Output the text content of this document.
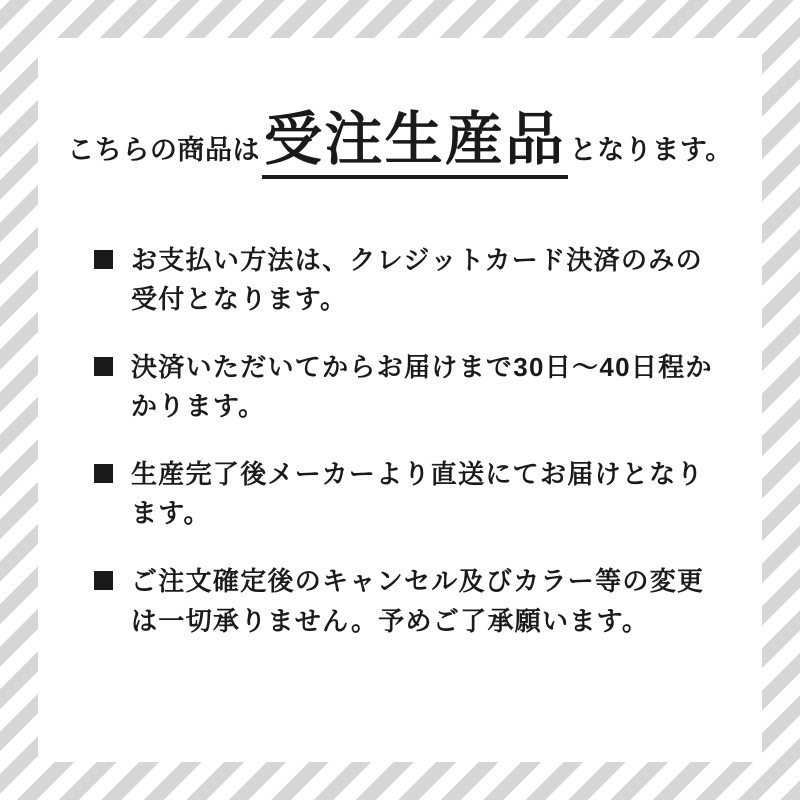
こちらの商品は 受注生産品 となります。
お支払い方法は、クレジットカード決済のみの受付となります。
決済いただいてからお届けまで30日～40日程かかります。
生産完了後メーカーより直送にてお届けとなります。
ご注文確定後のキャンセル及びカラー等の変更は一切承りません。予めご了承願います。
